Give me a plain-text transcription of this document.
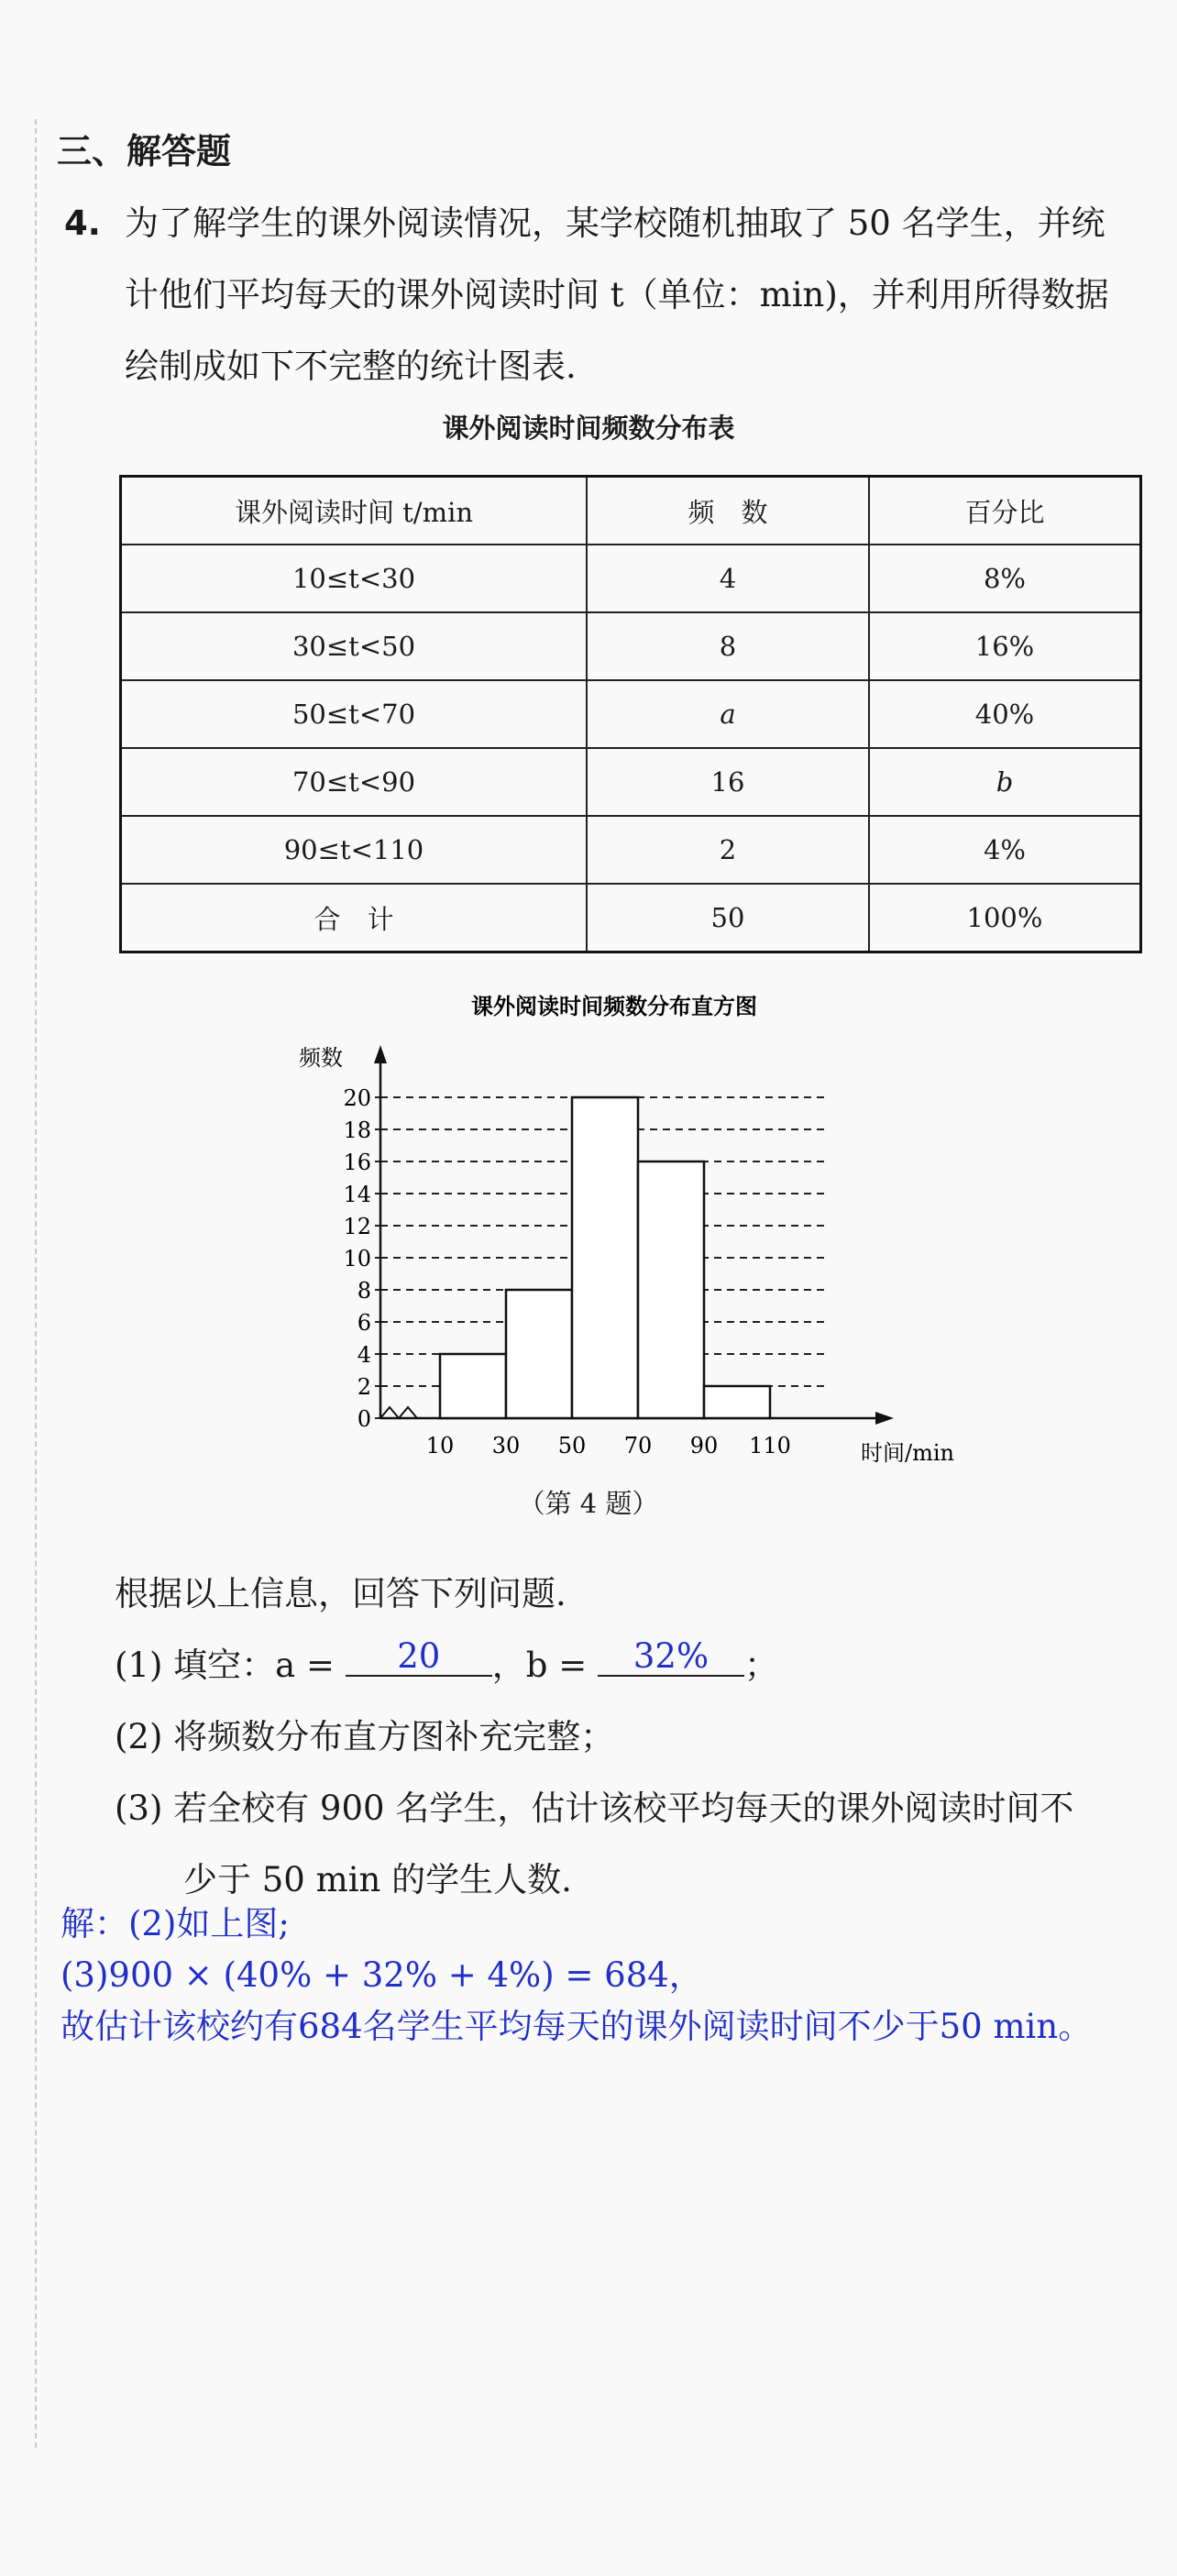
三、解答题
4. 为了解学生的课外阅读情况，某学校随机抽取了 50 名学生，并统
计他们平均每天的课外阅读时间 t（单位：min)，并利用所得数据
绘制成如下不完整的统计图表.
课外阅读时间频数分布表
课外阅读时间 t/min	频　数	百分比
10≤t<30	4	8%
30≤t<50	8	16%
50≤t<70	a	40%
70≤t<90	16	b
90≤t<110	2	4%
合　计	50	100%
课外阅读时间频数分布直方图
频数
0
2
4
6
8
10
12
14
16
18
20
10 30 50 70 90 110	时间/min
（第 4 题）
根据以上信息，回答下列问题.
(1) 填空：a = 20 ，b = 32% ；
(2) 将频数分布直方图补充完整；
(3) 若全校有 900 名学生，估计该校平均每天的课外阅读时间不
少于 50 min 的学生人数.
解：(2)如上图;
(3)900 × (40% + 32% + 4%) = 684，
故估计该校约有684名学生平均每天的课外阅读时间不少于50 min。
